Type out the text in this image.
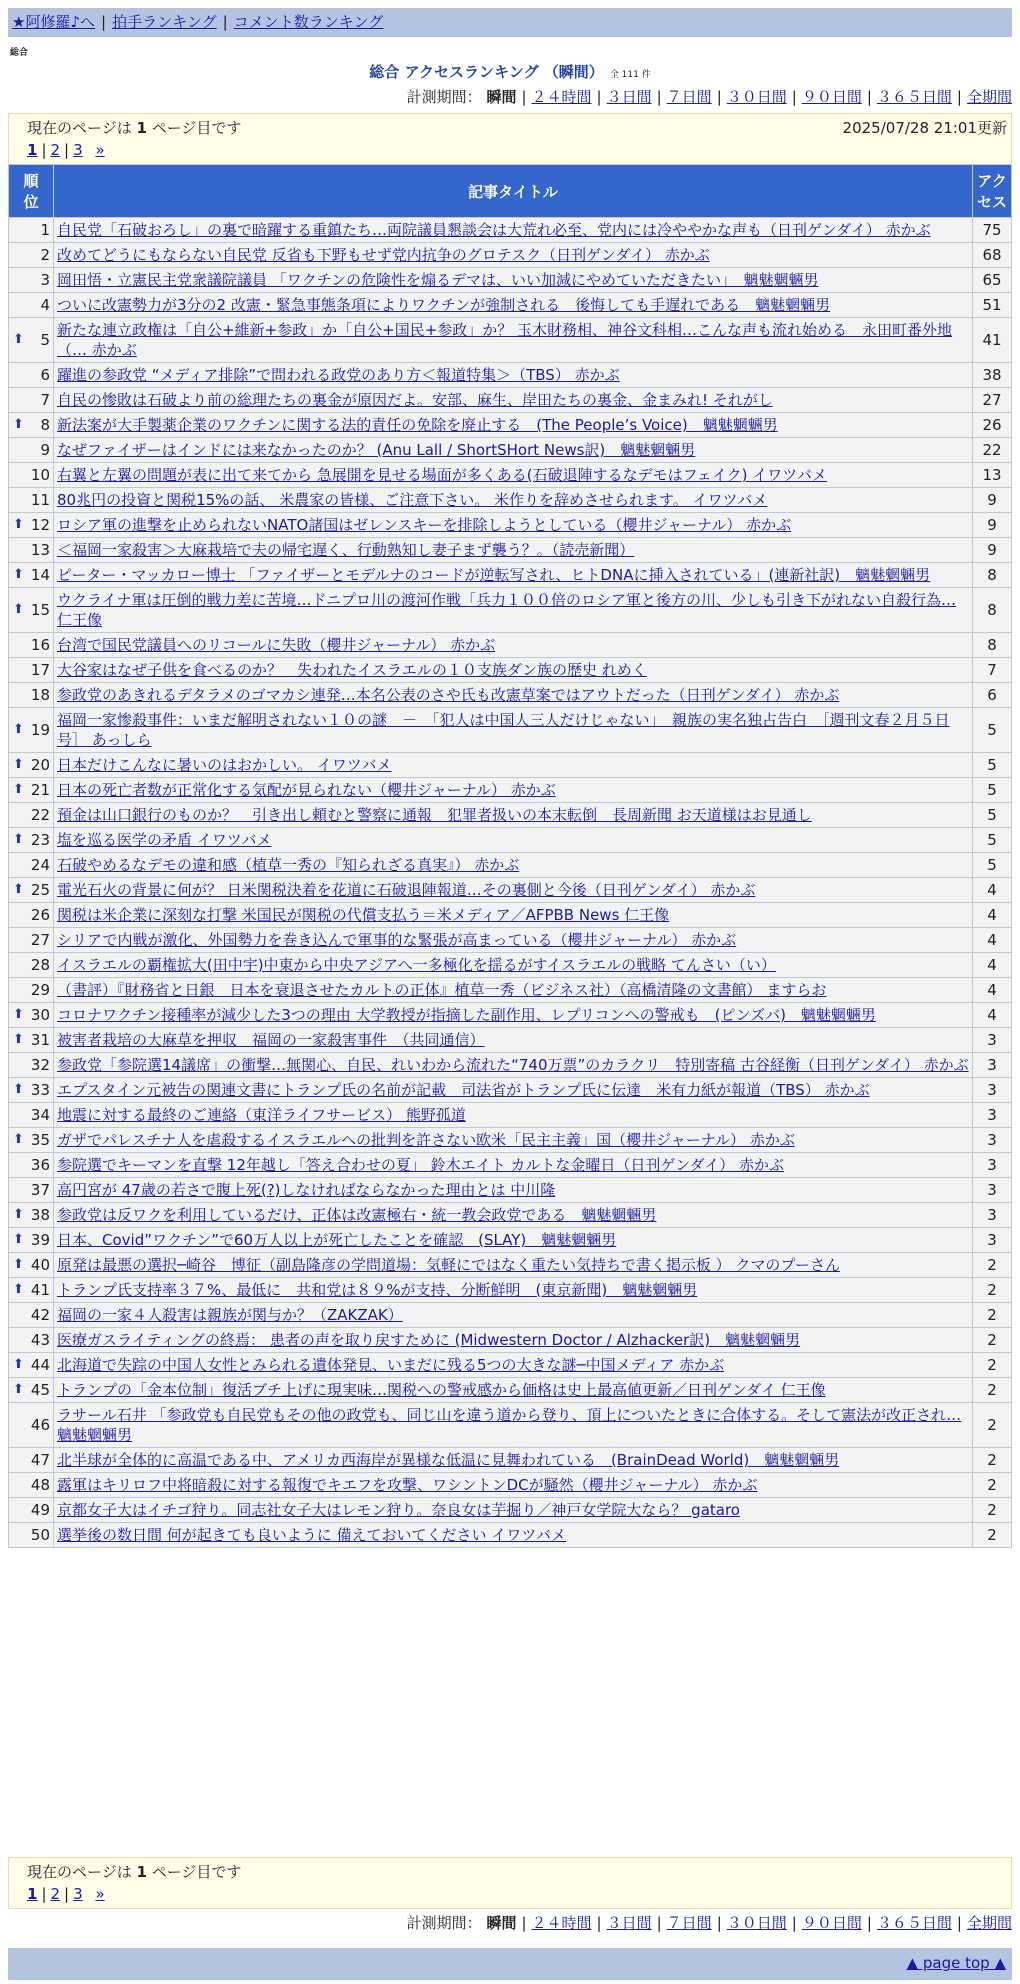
★阿修羅♪へ | 拍手ランキング | コメント数ランキング
総合
総合 アクセスランキング （瞬間） 全 111 件
計測期間： 瞬間 | ２４時間 | ３日間 | ７日間 | ３０日間 | ９０日間 | ３６５日間 | 全期間
現在のページは 1 ページ目です	2025/07/28 21:01更新
1 | 2 | 3 »
順
位	記事タイトル	アク
セス
1	自民党「石破おろし」の裏で暗躍する重鎮たち…両院議員懇談会は大荒れ必至、党内には冷ややかな声も（日刊ゲンダイ） 赤かぶ	75
2	改めてどうにもならない自民党 反省も下野もせず党内抗争のグロテスク（日刊ゲンダイ） 赤かぶ	68
3	岡田悟・立憲民主党衆議院議員 「ワクチンの危険性を煽るデマは、いい加減にやめていただきたい」　魑魅魍魎男	65
4	ついに改憲勢力が3分の2 改憲・緊急事態条項によりワクチンが強制される　後悔しても手遅れである　魑魅魍魎男	51

⬆ 5	新たな連立政権は「自公+維新+参政」か「自公+国民+参政」か？ 玉木財務相、神谷文科相…こんな声も流れ始める　永田町番外地（… 赤かぶ	41
6	躍進の参政党 “メディア排除”で問われる政党のあり方＜報道特集＞（TBS） 赤かぶ	38
7	自民の惨敗は石破より前の総理たちの裏金が原因だよ。安部、麻生、岸田たちの裏金、金まみれ! それがし	27

⬆ 8	新法案が大手製薬企業のワクチンに関する法的責任の免除を廃止する　(The People’s Voice)　魑魅魍魎男	26
9	なぜファイザーはインドには来なかったのか？ (Anu Lall / ShortSHort News訳)　魑魅魍魎男	22
10	右翼と左翼の問題が表に出て来てから 急展開を見せる場面が多くある(石破退陣するなデモはフェイク) イワツバメ	13
11	80兆円の投資と関税15%の話、 米農家の皆様、ご注意下さい。 米作りを辞めさせられます。 イワツバメ	9

⬆ 12	ロシア軍の進撃を止められないNATO諸国はゼレンスキーを排除しようとしている（櫻井ジャーナル） 赤かぶ	9
13	＜福岡一家殺害＞大麻栽培で夫の帰宅遅く、行動熟知し妻子まず襲う？。（読売新聞）	9

⬆ 14	ピーター・マッカロー博士 「ファイザーとモデルナのコードが逆転写され、ヒトDNAに挿入されている」(連新社訳)　魑魅魍魎男	8

⬆ 15	ウクライナ軍は圧倒的戦力差に苦境…ドニプロ川の渡河作戦「兵力１００倍のロシア軍と後方の川、少しも引き下がれない自殺行為… 仁王像	8
16	台湾で国民党議員へのリコールに失敗（櫻井ジャーナル） 赤かぶ	8
17	大谷家はなぜ子供を食べるのか？　失われたイスラエルの１０支族ダン族の歴史 れめく	7
18	参政党のあきれるデタラメのゴマカシ連発…本名公表のさや氏も改憲草案ではアウトだった（日刊ゲンダイ） 赤かぶ	6

⬆ 19	福岡一家惨殺事件：いまだ解明されない１０の謎　－　「犯人は中国人三人だけじゃない」　親族の実名独占告白　［週刊文春２月５日号］ あっしら	5

⬆ 20	日本だけこんなに暑いのはおかしい。 イワツバメ	5

⬆ 21	日本の死亡者数が正常化する気配が見られない（櫻井ジャーナル） 赤かぶ	5
22	預金は山口銀行のものか？　引き出し頼むと警察に通報　犯罪者扱いの本末転倒　長周新聞 お天道様はお見通し	5

⬆ 23	塩を巡る医学の矛盾 イワツバメ	5
24	石破やめるなデモの違和感（植草一秀の『知られざる真実』） 赤かぶ	5

⬆ 25	電光石火の背景に何が？ 日米関税決着を花道に石破退陣報道…その裏側と今後（日刊ゲンダイ） 赤かぶ	4
26	関税は米企業に深刻な打撃 米国民が関税の代償支払う＝米メディア／AFPBB News 仁王像	4
27	シリアで内戦が激化、外国勢力を巻き込んで軍事的な緊張が高まっている（櫻井ジャーナル） 赤かぶ	4
28	イスラエルの覇権拡大(田中宇)中東から中央アジアへ一多極化を揺るがすイスラエルの戦略 てんさい（い）	4
29	（書評）『財務省と日銀　日本を衰退させたカルトの正体』植草一秀（ビジネス社）（高橋清隆の文書館） ますらお	4

⬆ 30	コロナワクチン接種率が減少した3つの理由 大学教授が指摘した副作用、レプリコンへの警戒も　(ピンズバ)　魑魅魍魎男	4

⬆ 31	被害者栽培の大麻草を押収　福岡の一家殺害事件　（共同通信）	3
32	参政党「参院選14議席」の衝撃…無関心、自民、れいわから流れた“740万票”のカラクリ　特別寄稿 古谷経衡（日刊ゲンダイ） 赤かぶ	3

⬆ 33	エプスタイン元被告の関連文書にトランプ氏の名前が記載　司法省がトランプ氏に伝達　米有力紙が報道（TBS） 赤かぶ	3
34	地震に対する最終のご連絡（東洋ライフサービス） 熊野孤道	3

⬆ 35	ガザでパレスチナ人を虐殺するイスラエルへの批判を許さない欧米「民主主義」国（櫻井ジャーナル） 赤かぶ	3
36	参院選でキーマンを直撃 12年越し「答え合わせの夏」 鈴木エイト カルトな金曜日（日刊ゲンダイ） 赤かぶ	3
37	高円宮が 47歳の若さで腹上死(?)しなければならなかった理由とは 中川隆	3

⬆ 38	参政党は反ワクを利用しているだけ、正体は改憲極右・統一教会政党である　魑魅魍魎男	3

⬆ 39	日本、Covid”ワクチン”で60万人以上が死亡したことを確認　(SLAY)　魑魅魍魎男	3

⬆ 40	原発は最悪の選択─崎谷　博征（副島隆彦の学問道場：気軽にではなく重たい気持ちで書く掲示板 ） クマのプーさん	2

⬆ 41	トランプ氏支持率３７%、最低に　共和党は８９%が支持、分断鮮明　(東京新聞)　魑魅魍魎男	2
42	福岡の一家４人殺害は親族が関与か？（ZAKZAK）	2
43	医療ガスライティングの終焉： 患者の声を取り戻すために (Midwestern Doctor / Alzhacker訳)　魑魅魍魎男	2

⬆ 44	北海道で失踪の中国人女性とみられる遺体発見、いまだに残る5つの大きな謎─中国メディア 赤かぶ	2

⬆ 45	トランプの「金本位制」復活ブチ上げに現実味…関税への警戒感から価格は史上最高値更新／日刊ゲンダイ 仁王像	2
46	ラサール石井 「参政党も自民党もその他の政党も、同じ山を違う道から登り、頂上についたときに合体する。そして憲法が改正され… 魑魅魍魎男	2
47	北半球が全体的に高温である中、アメリカ西海岸が異様な低温に見舞われている　(BrainDead World)　魑魅魍魎男	2
48	露軍はキリロフ中将暗殺に対する報復でキエフを攻撃、ワシントンDCが騒然（櫻井ジャーナル） 赤かぶ	2
49	京都女子大はイチゴ狩り。同志社女子大はレモン狩り。奈良女は芋掘り／神戸女学院大なら？ gataro	2
50	選挙後の数日間 何が起きても良いように 備えておいてください イワツバメ	2
現在のページは 1 ページ目です
1 | 2 | 3 »
計測期間： 瞬間 | ２４時間 | ３日間 | ７日間 | ３０日間 | ９０日間 | ３６５日間 | 全期間
▲ page top ▲
